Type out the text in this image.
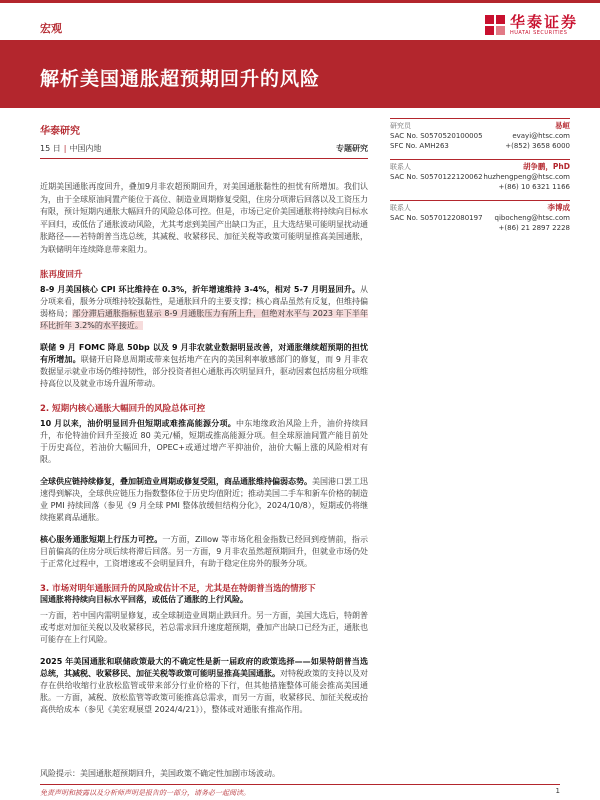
宏观	华泰证券
HUATAI SECURITIES
解析美国通胀超预期回升的风险
华泰研究
15 日 | 中国内地	专题研究
近期美国通胀再度回升，叠加9月非农超预期回升，对美国通胀黏性的担忧有所增加。我们认为，由于全球原油间置产能位于高位、制造业周期修复受阻，住房分项滞后回落以及工资压力有限，预计短期内通胀大幅回升的风险总体可控。但是，市场已定价美国通胀将持续向目标水平回归，或低估了通胀波动风险，尤其考虑到美国产出缺口为正，且大选结果可能明显扰动通胀路径——若特朗普当选总统，其减税、收紧移民、加征关税等政策可能明显推高美国通胀，为联储明年连续降息带来阻力。
胀再度回升
8-9 月美国核心 CPI 环比维持在 0.3%，折年增速维持 3-4%，相对 5-7 月明显回升。从分项来看，服务分项维持较强黏性，是通胀回升的主要支撑；核心商品虽然有反复，但维持偏弱格局；部分滞后通胀指标也显示 8-9 月通胀压力有所上升，但绝对水平与 2023 年下半年环比折年 3.2%的水平接近。
联储 9 月 FOMC 降息 50bp 以及 9 月非农就业数据明显改善，对通胀继续超预期的担忧有所增加。联储开启降息周期或带来包括地产在内的美国利率敏感部门的修复，而 9 月非农数据显示就业市场仍维持韧性，部分投资者担心通胀再次明显回升，驱动因素包括房租分项维持高位以及就业市场升温所带动。
2. 短期内核心通胀大幅回升的风险总体可控
10 月以来，油价明显回升但短期或难推高能源分项。中东地缘政治风险上升，油价持续回升，布伦特油价回升至接近 80 美元/桶，短期或推高能源分项。但全球原油间置产能目前处于历史高位，若油价大幅回升，OPEC+或通过增产平抑油价，油价大幅上涨的风险相对有限。
全球供应链持续修复，叠加制造业周期或修复受阻，商品通胀维持偏弱态势。美国港口罢工迅速得到解决，全球供应链压力指数整体位于历史均值附近；推动美国二手车和新车价格的制造业 PMI 持续回落（参见《9 月全球 PMI 整体放缓但结构分化》，2024/10/8），短期或仍将继续拖累商品通胀。
核心服务通胀短期上行压力可控。一方面，Zillow 等市场化租金指数已经回到疫情前，指示目前偏高的住房分项后续将滞后回落。另一方面，9 月非农虽然超预期回升，但就业市场仍处于正常化过程中，工资增速或不会明显回升，有助于稳定住房外的服务分项。
3. 市场对明年通胀回升的风险或估计不足，尤其是在特朗普当选的情形下
国通胀将持续向目标水平回落，或低估了通胀的上行风险。
一方面，若中国内需明显修复，或全球制造业周期止跌回升。另一方面，美国大选后，特朗普或考虑对加征关税以及收紧移民，若总需求回升速度超预期，叠加产出缺口已经为正，通胀也可能存在上行风险。
2025 年美国通胀和联储政策最大的不确定性是新一届政府的政策选择——如果特朗普当选总统，其减税、收紧移民、加征关税等政策可能明显推高美国通胀。对特税政策的支持以及对存在供给收缩行业放松监管或带来部分行业价格的下行，但其他措施整体可能会推高美国通胀。一方面，减税、放松监管等政策可能推高总需求，而另一方面，收紧移民、加征关税或抬高供给成本（参见《美宏观展望 2024/4/21》），整体或对通胀有推高作用。
研究员	易峘
SAC No. S0570520100005	evayi@htsc.com
SFC No. AMH263	+(852) 3658 6000
联系人	胡争鹏，PhD
SAC No. S0570122120062 huzhengpeng@htsc.com
+(86) 10 6321 1166
联系人	李博成
SAC No. S0570122080197 qibocheng@htsc.com
+(86) 21 2897 2228
风险提示：美国通胀超预期回升，美国政策不确定性加剧市场波动。
免责声明和披露以及分析师声明是报告的一部分，请务必一起阅读。	1
